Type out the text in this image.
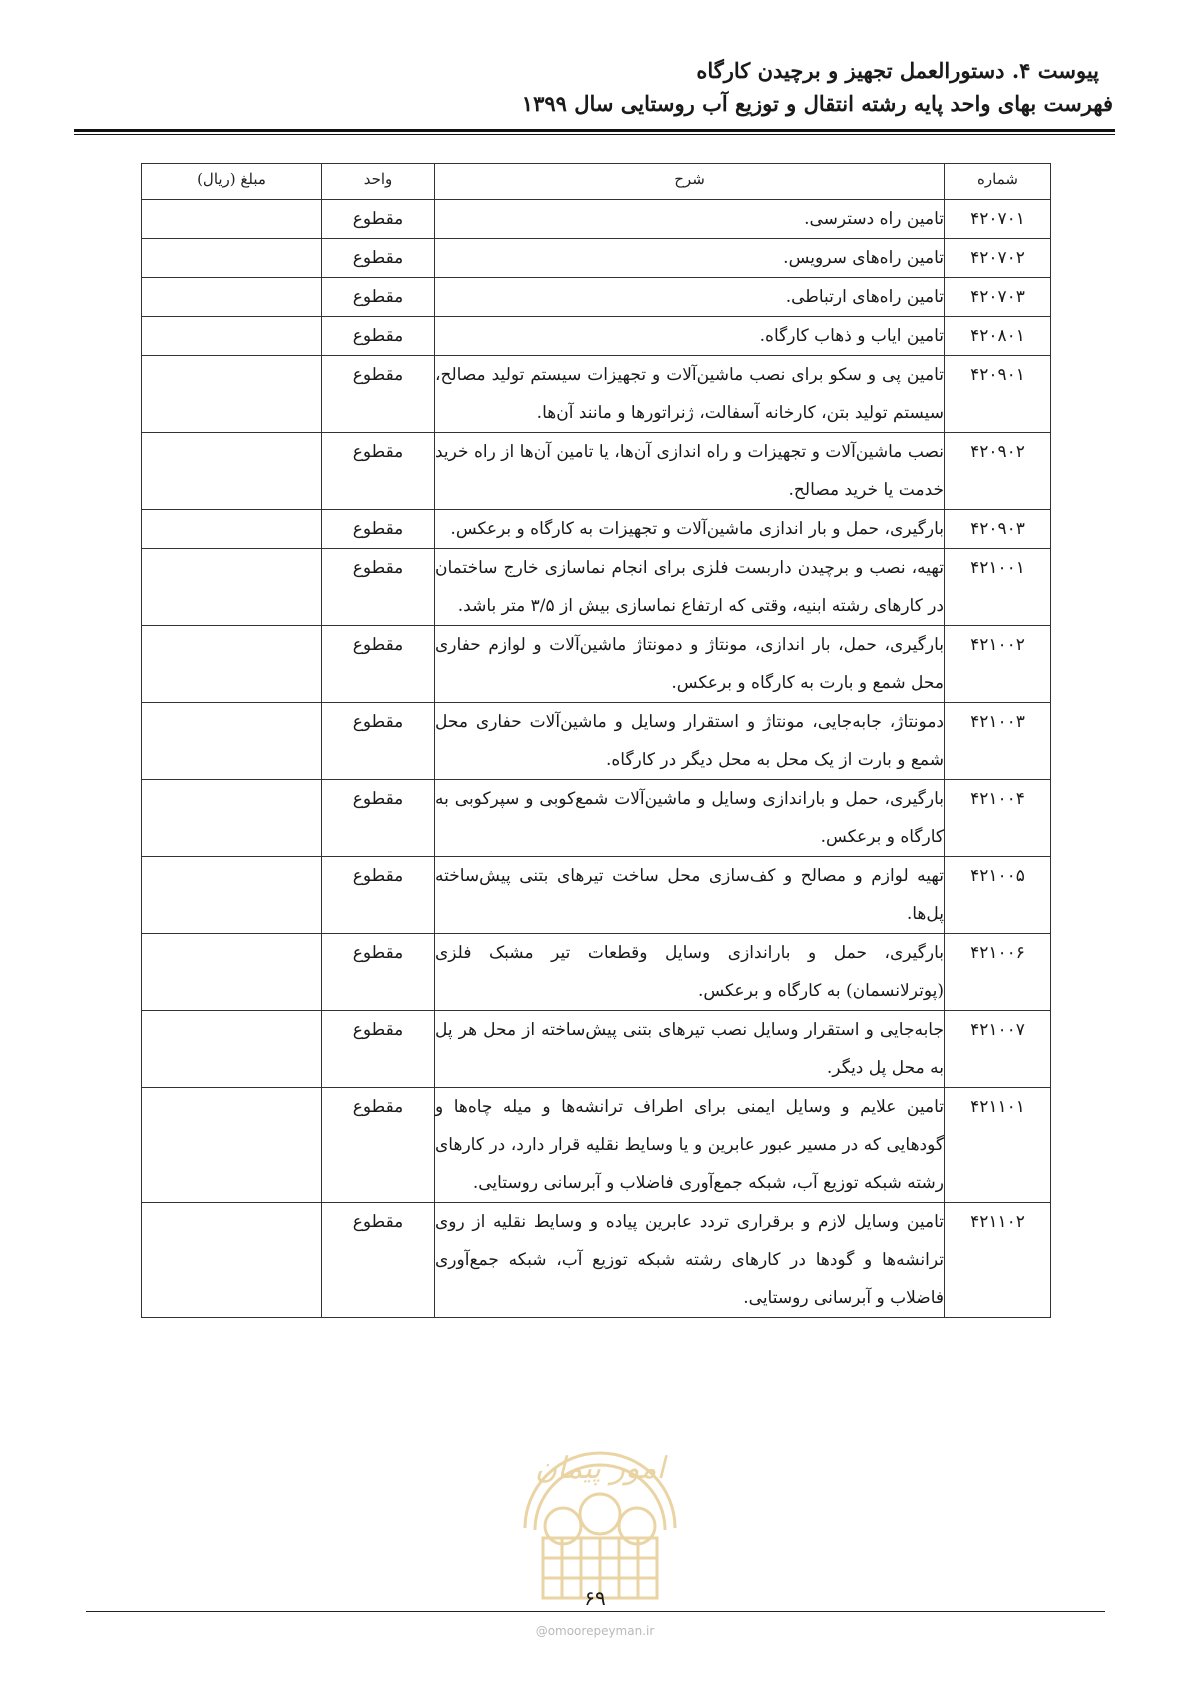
پیوست ۴. دستورالعمل تجهیز و برچیدن کارگاه
فهرست بهای واحد پایه رشته انتقال و توزیع آب روستایی سال ۱۳۹۹
شماره	شرح	واحد	مبلغ (ریال)
۴۲۰۷۰۱	تامین راه دسترسی.	مقطوع	
۴۲۰۷۰۲	تامین راه‌های سرویس.	مقطوع	
۴۲۰۷۰۳	تامین راه‌های ارتباطی.	مقطوع	
۴۲۰۸۰۱	تامین ایاب و ذهاب کارگاه.	مقطوع	
۴۲۰۹۰۱	تامین پی و سکو برای نصب ماشین‌آلات و تجهیزات سیستم تولید مصالح، سیستم تولید بتن، کارخانه آسفالت، ژنراتورها و مانند آن‌ها.	مقطوع	
۴۲۰۹۰۲	نصب ماشین‌آلات و تجهیزات و راه اندازی آن‌ها، یا تامین آن‌ها از راه خرید خدمت یا خرید مصالح.	مقطوع	
۴۲۰۹۰۳	بارگیری، حمل و بار اندازی ماشین‌آلات و تجهیزات به کارگاه و برعکس.	مقطوع	
۴۲۱۰۰۱	تهیه، نصب و برچیدن داربست فلزی برای انجام نماسازی خارج ساختمان در کارهای رشته ابنیه، وقتی که ارتفاع نماسازی بیش از ۳/۵ متر باشد.	مقطوع	
۴۲۱۰۰۲	بارگیری، حمل، بار اندازی، مونتاژ و دمونتاژ ماشین‌آلات و لوازم حفاری محل شمع و بارت به کارگاه و برعکس.	مقطوع	
۴۲۱۰۰۳	دمونتاژ، جابه‌جایی، مونتاژ و استقرار وسایل و ماشین‌آلات حفاری محل شمع و بارت از یک محل به محل دیگر در کارگاه.	مقطوع	
۴۲۱۰۰۴	بارگیری، حمل و باراندازی وسایل و ماشین‌آلات شمع‌کوبی و سپرکوبی به کارگاه و برعکس.	مقطوع	
۴۲۱۰۰۵	تهیه لوازم و مصالح و کف‌سازی محل ساخت تیرهای بتنی پیش‌ساخته پل‌ها.	مقطوع	
۴۲۱۰۰۶	بارگیری، حمل و باراندازی وسایل وقطعات تیر مشبک فلزی (پوترلانسمان) به کارگاه و برعکس.	مقطوع	
۴۲۱۰۰۷	جابه‌جایی و استقرار وسایل نصب تیرهای بتنی پیش‌ساخته از محل هر پل به محل پل دیگر.	مقطوع	
۴۲۱۱۰۱	تامین علایم و وسایل ایمنی برای اطراف ترانشه‌ها و میله چاه‌ها و گودهایی که در مسیر عبور عابرین و یا وسایط نقلیه قرار دارد، در کارهای رشته شبکه توزیع آب، شبکه جمع‌آوری فاضلاب و آبرسانی روستایی.	مقطوع	
۴۲۱۱۰۲	تامین وسایل لازم و برقراری تردد عابرین پیاده و وسایط نقلیه از روی ترانشه‌ها و گودها در کارهای رشته شبکه توزیع آب، شبکه جمع‌آوری فاضلاب و آبرسانی روستایی.	مقطوع	
امور پیمان
۶۹
@omoorepeyman.ir
